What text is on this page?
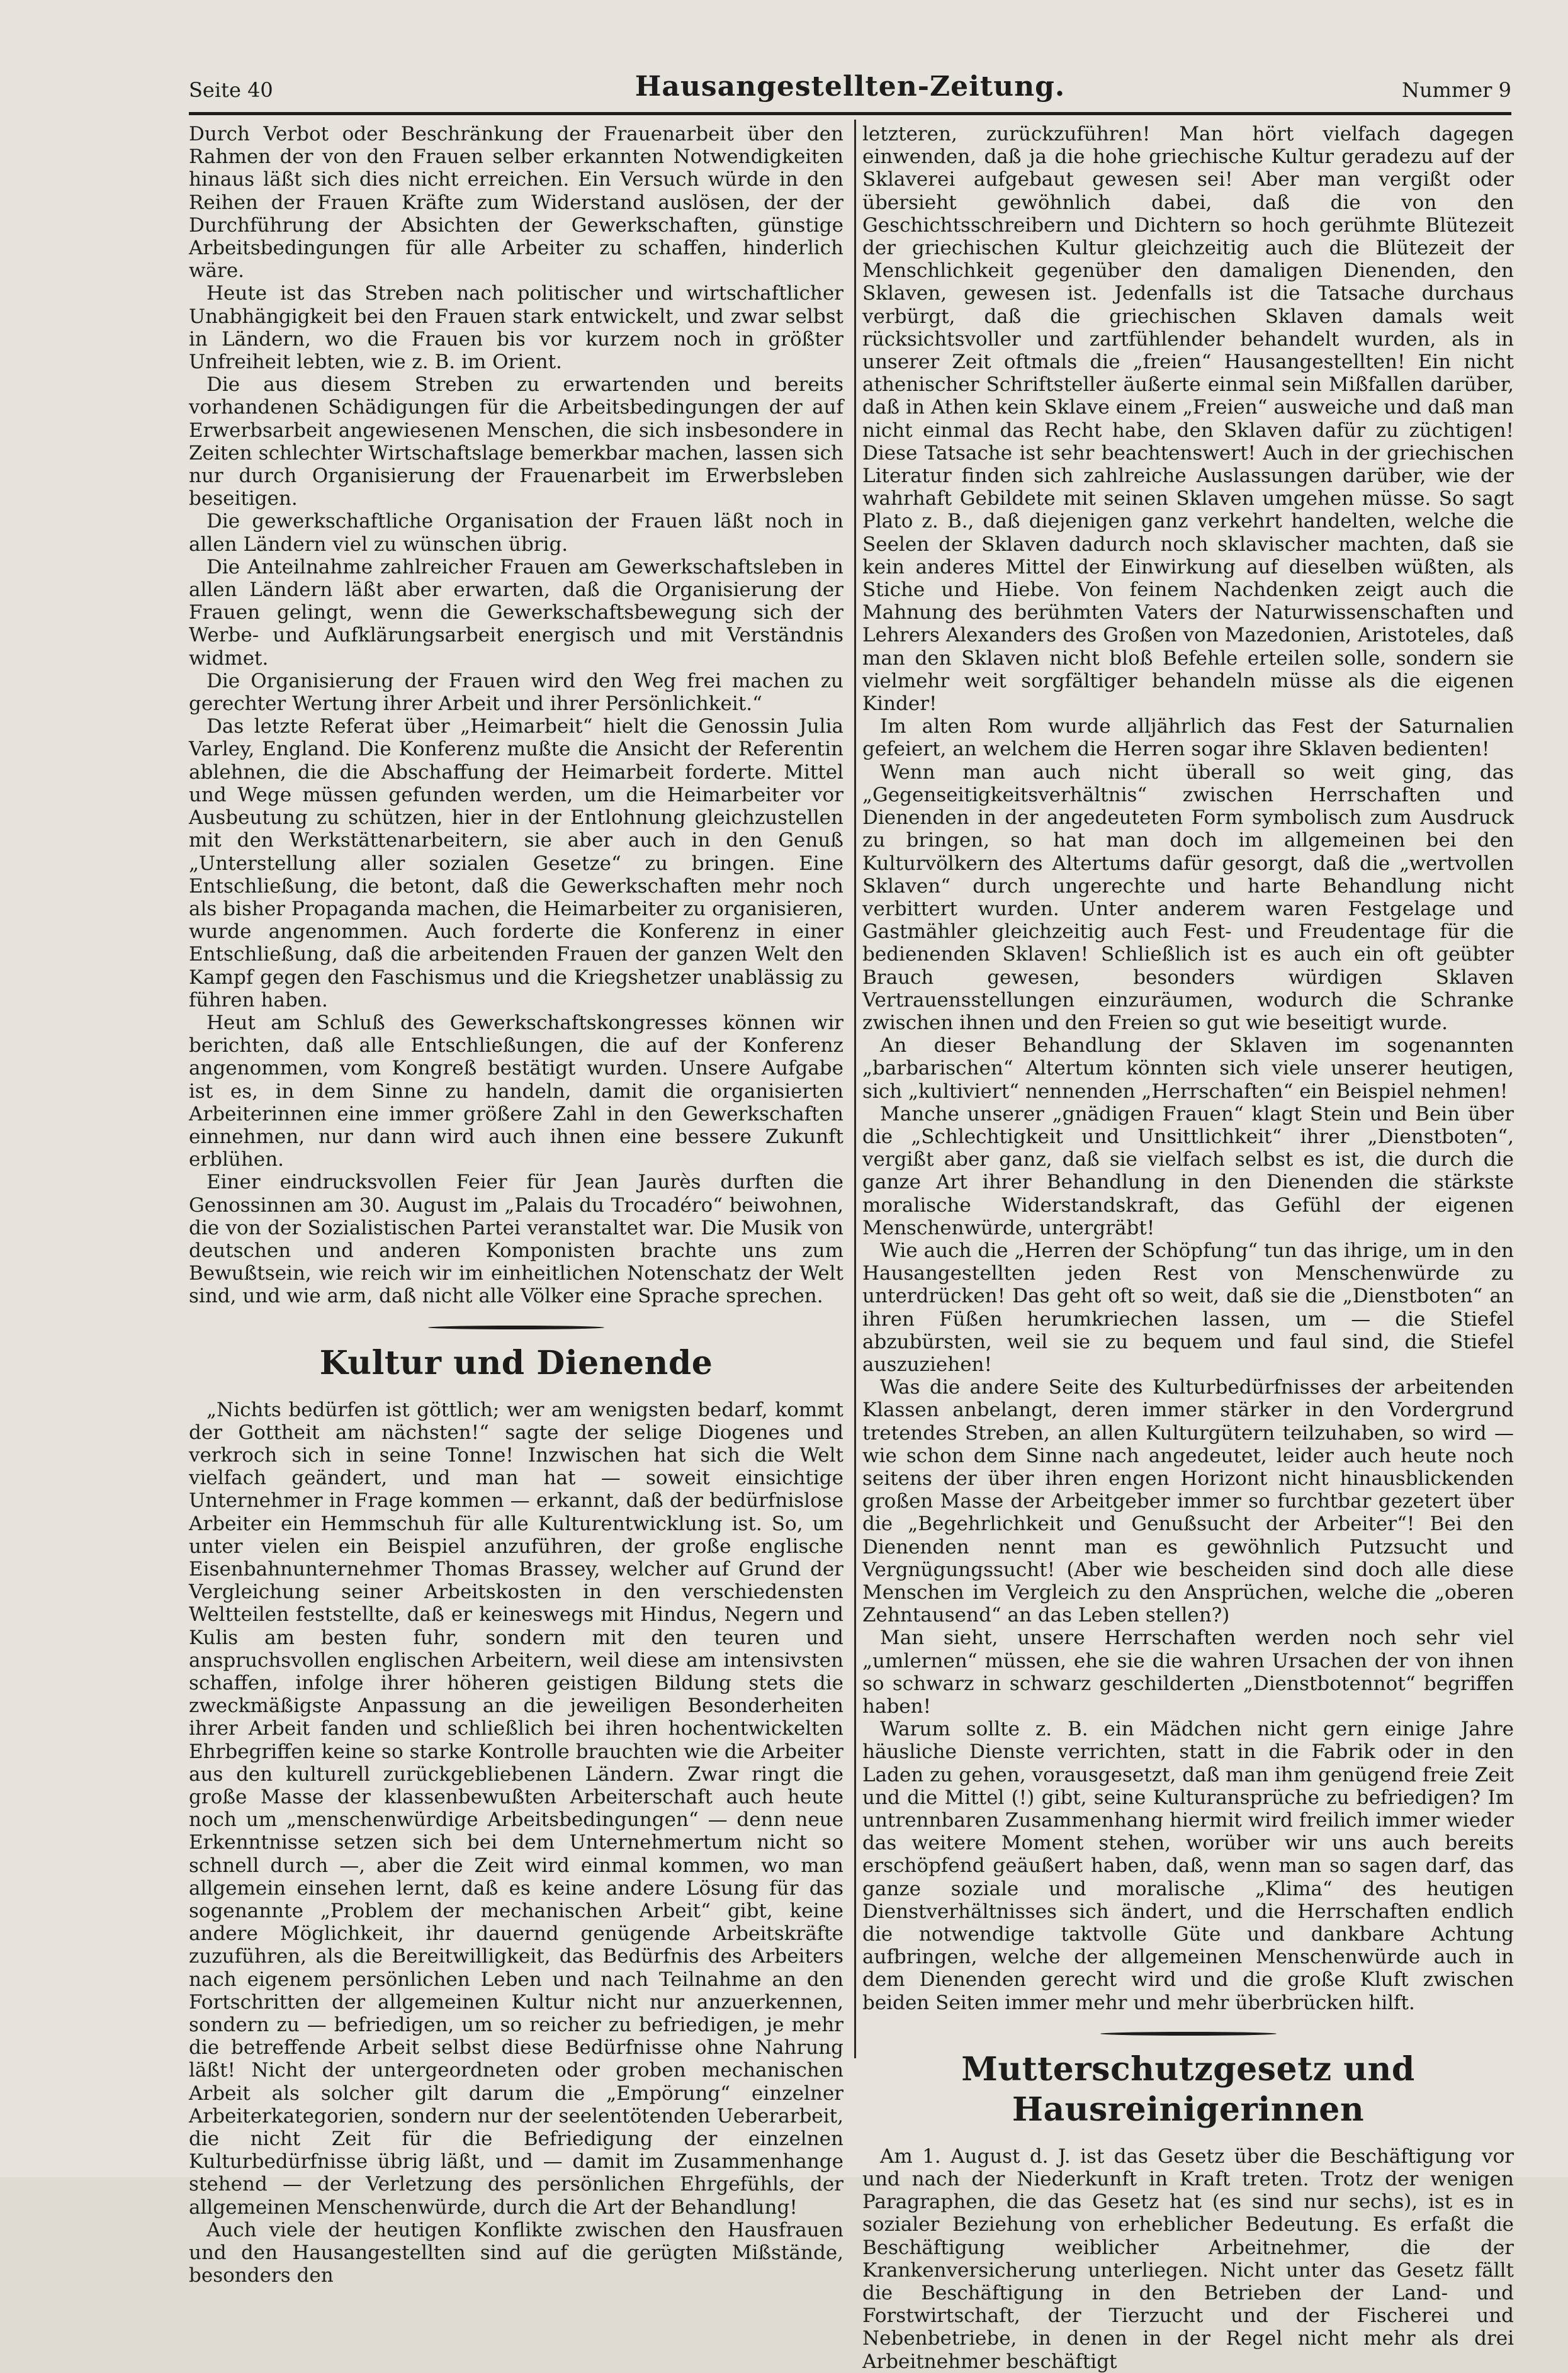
Seite 40	Hausangestellten-Zeitung.	Nummer 9

Durch Verbot oder Beschränkung der Frauenarbeit über den Rahmen der von den Frauen selber erkannten Notwendigkeiten hinaus läßt sich dies nicht erreichen. Ein Versuch würde in den Reihen der Frauen Kräfte zum Widerstand auslösen, der der Durchführung der Absichten der Gewerkschaften, günstige Arbeitsbedingungen für alle Arbeiter zu schaffen, hinderlich wäre.

Heute ist das Streben nach politischer und wirtschaftlicher Unabhängigkeit bei den Frauen stark entwickelt, und zwar selbst in Ländern, wo die Frauen bis vor kurzem noch in größter Unfreiheit lebten, wie z. B. im Orient.

Die aus diesem Streben zu erwartenden und bereits vorhandenen Schädigungen für die Arbeitsbedingungen der auf Erwerbsarbeit angewiesenen Menschen, die sich insbesondere in Zeiten schlechter Wirtschaftslage bemerkbar machen, lassen sich nur durch Organisierung der Frauenarbeit im Erwerbsleben beseitigen.

Die gewerkschaftliche Organisation der Frauen läßt noch in allen Ländern viel zu wünschen übrig.

Die Anteilnahme zahlreicher Frauen am Gewerkschaftsleben in allen Ländern läßt aber erwarten, daß die Organisierung der Frauen gelingt, wenn die Gewerkschaftsbewegung sich der Werbe- und Aufklärungsarbeit energisch und mit Verständnis widmet.

Die Organisierung der Frauen wird den Weg frei machen zu gerechter Wertung ihrer Arbeit und ihrer Persönlichkeit.“

Das letzte Referat über „Heimarbeit“ hielt die Genossin Julia Varley, England. Die Konferenz mußte die Ansicht der Referentin ablehnen, die die Abschaffung der Heimarbeit forderte. Mittel und Wege müssen gefunden werden, um die Heimarbeiter vor Ausbeutung zu schützen, hier in der Entlohnung gleichzustellen mit den Werkstättenarbeitern, sie aber auch in den Genuß „Unterstellung aller sozialen Gesetze“ zu bringen. Eine Entschließung, die betont, daß die Gewerkschaften mehr noch als bisher Propaganda machen, die Heimarbeiter zu organisieren, wurde angenommen. Auch forderte die Konferenz in einer Entschließung, daß die arbeitenden Frauen der ganzen Welt den Kampf gegen den Faschismus und die Kriegshetzer unablässig zu führen haben.

Heut am Schluß des Gewerkschaftskongresses können wir berichten, daß alle Entschließungen, die auf der Konferenz angenommen, vom Kongreß bestätigt wurden. Unsere Aufgabe ist es, in dem Sinne zu handeln, damit die organisierten Arbeiterinnen eine immer größere Zahl in den Gewerkschaften einnehmen, nur dann wird auch ihnen eine bessere Zukunft erblühen.

Einer eindrucksvollen Feier für Jean Jaurès durften die Genossinnen am 30. August im „Palais du Trocadéro“ beiwohnen, die von der Sozialistischen Partei veranstaltet war. Die Musik von deutschen und anderen Komponisten brachte uns zum Bewußtsein, wie reich wir im einheitlichen Notenschatz der Welt sind, und wie arm, daß nicht alle Völker eine Sprache sprechen.

Kultur und Dienende

„Nichts bedürfen ist göttlich; wer am wenigsten bedarf, kommt der Gottheit am nächsten!“ sagte der selige Diogenes und verkroch sich in seine Tonne! Inzwischen hat sich die Welt vielfach geändert, und man hat — soweit einsichtige Unternehmer in Frage kommen — erkannt, daß der bedürfnislose Arbeiter ein Hemmschuh für alle Kulturentwicklung ist. So, um unter vielen ein Beispiel anzuführen, der große englische Eisenbahnunternehmer Thomas Brassey, welcher auf Grund der Vergleichung seiner Arbeitskosten in den verschiedensten Weltteilen feststellte, daß er keineswegs mit Hindus, Negern und Kulis am besten fuhr, sondern mit den teuren und anspruchsvollen englischen Arbeitern, weil diese am intensivsten schaffen, infolge ihrer höheren geistigen Bildung stets die zweckmäßigste Anpassung an die jeweiligen Besonderheiten ihrer Arbeit fanden und schließlich bei ihren hochentwickelten Ehrbegriffen keine so starke Kontrolle brauchten wie die Arbeiter aus den kulturell zurückgebliebenen Ländern. Zwar ringt die große Masse der klassenbewußten Arbeiterschaft auch heute noch um „menschenwürdige Arbeitsbedingungen“ — denn neue Erkenntnisse setzen sich bei dem Unternehmertum nicht so schnell durch —, aber die Zeit wird einmal kommen, wo man allgemein einsehen lernt, daß es keine andere Lösung für das sogenannte „Problem der mechanischen Arbeit“ gibt, keine andere Möglichkeit, ihr dauernd genügende Arbeitskräfte zuzuführen, als die Bereitwilligkeit, das Bedürfnis des Arbeiters nach eigenem persönlichen Leben und nach Teilnahme an den Fortschritten der allgemeinen Kultur nicht nur anzuerkennen, sondern zu — befriedigen, um so reicher zu befriedigen, je mehr die betreffende Arbeit selbst diese Bedürfnisse ohne Nahrung läßt! Nicht der untergeordneten oder groben mechanischen Arbeit als solcher gilt darum die „Empörung“ einzelner Arbeiterkategorien, sondern nur der seelentötenden Ueberarbeit, die nicht Zeit für die Befriedigung der einzelnen Kulturbedürfnisse übrig läßt, und — damit im Zusammenhange stehend — der Verletzung des persönlichen Ehrgefühls, der allgemeinen Menschenwürde, durch die Art der Behandlung!

Auch viele der heutigen Konflikte zwischen den Hausfrauen und den Hausangestellten sind auf die gerügten Mißstände, besonders den

letzteren, zurückzuführen! Man hört vielfach dagegen einwenden, daß ja die hohe griechische Kultur geradezu auf der Sklaverei aufgebaut gewesen sei! Aber man vergißt oder übersieht gewöhnlich dabei, daß die von den Geschichtsschreibern und Dichtern so hoch gerühmte Blütezeit der griechischen Kultur gleichzeitig auch die Blütezeit der Menschlichkeit gegenüber den damaligen Dienenden, den Sklaven, gewesen ist. Jedenfalls ist die Tatsache durchaus verbürgt, daß die griechischen Sklaven damals weit rücksichtsvoller und zartfühlender behandelt wurden, als in unserer Zeit oftmals die „freien“ Hausangestellten! Ein nicht athenischer Schriftsteller äußerte einmal sein Mißfallen darüber, daß in Athen kein Sklave einem „Freien“ ausweiche und daß man nicht einmal das Recht habe, den Sklaven dafür zu züchtigen! Diese Tatsache ist sehr beachtenswert! Auch in der griechischen Literatur finden sich zahlreiche Auslassungen darüber, wie der wahrhaft Gebildete mit seinen Sklaven umgehen müsse. So sagt Plato z. B., daß diejenigen ganz verkehrt handelten, welche die Seelen der Sklaven dadurch noch sklavischer machten, daß sie kein anderes Mittel der Einwirkung auf dieselben wüßten, als Stiche und Hiebe. Von feinem Nachdenken zeigt auch die Mahnung des berühmten Vaters der Naturwissenschaften und Lehrers Alexanders des Großen von Mazedonien, Aristoteles, daß man den Sklaven nicht bloß Befehle erteilen solle, sondern sie vielmehr weit sorgfältiger behandeln müsse als die eigenen Kinder!

Im alten Rom wurde alljährlich das Fest der Saturnalien gefeiert, an welchem die Herren sogar ihre Sklaven bedienten!

Wenn man auch nicht überall so weit ging, das „Gegenseitigkeitsverhältnis“ zwischen Herrschaften und Dienenden in der angedeuteten Form symbolisch zum Ausdruck zu bringen, so hat man doch im allgemeinen bei den Kulturvölkern des Altertums dafür gesorgt, daß die „wertvollen Sklaven“ durch ungerechte und harte Behandlung nicht verbittert wurden. Unter anderem waren Festgelage und Gastmähler gleichzeitig auch Fest- und Freudentage für die bedienenden Sklaven! Schließlich ist es auch ein oft geübter Brauch gewesen, besonders würdigen Sklaven Vertrauensstellungen einzuräumen, wodurch die Schranke zwischen ihnen und den Freien so gut wie beseitigt wurde.

An dieser Behandlung der Sklaven im sogenannten „barbarischen“ Altertum könnten sich viele unserer heutigen, sich „kultiviert“ nennenden „Herrschaften“ ein Beispiel nehmen!

Manche unserer „gnädigen Frauen“ klagt Stein und Bein über die „Schlechtigkeit und Unsittlichkeit“ ihrer „Dienstboten“, vergißt aber ganz, daß sie vielfach selbst es ist, die durch die ganze Art ihrer Behandlung in den Dienenden die stärkste moralische Widerstandskraft, das Gefühl der eigenen Menschenwürde, untergräbt!

Wie auch die „Herren der Schöpfung“ tun das ihrige, um in den Hausangestellten jeden Rest von Menschenwürde zu unterdrücken! Das geht oft so weit, daß sie die „Dienstboten“ an ihren Füßen herumkriechen lassen, um — die Stiefel abzubürsten, weil sie zu bequem und faul sind, die Stiefel auszuziehen!

Was die andere Seite des Kulturbedürfnisses der arbeitenden Klassen anbelangt, deren immer stärker in den Vordergrund tretendes Streben, an allen Kulturgütern teilzuhaben, so wird — wie schon dem Sinne nach angedeutet, leider auch heute noch seitens der über ihren engen Horizont nicht hinausblickenden großen Masse der Arbeitgeber immer so furchtbar gezetert über die „Begehrlichkeit und Genußsucht der Arbeiter“! Bei den Dienenden nennt man es gewöhnlich Putzsucht und Vergnügungssucht! (Aber wie bescheiden sind doch alle diese Menschen im Vergleich zu den Ansprüchen, welche die „oberen Zehntausend“ an das Leben stellen?)

Man sieht, unsere Herrschaften werden noch sehr viel „umlernen“ müssen, ehe sie die wahren Ursachen der von ihnen so schwarz in schwarz geschilderten „Dienstbotennot“ begriffen haben!

Warum sollte z. B. ein Mädchen nicht gern einige Jahre häusliche Dienste verrichten, statt in die Fabrik oder in den Laden zu gehen, vorausgesetzt, daß man ihm genügend freie Zeit und die Mittel (!) gibt, seine Kulturansprüche zu befriedigen? Im untrennbaren Zusammenhang hiermit wird freilich immer wieder das weitere Moment stehen, worüber wir uns auch bereits erschöpfend geäußert haben, daß, wenn man so sagen darf, das ganze soziale und moralische „Klima“ des heutigen Dienstverhältnisses sich ändert, und die Herrschaften endlich die notwendige taktvolle Güte und dankbare Achtung aufbringen, welche der allgemeinen Menschenwürde auch in dem Dienenden gerecht wird und die große Kluft zwischen beiden Seiten immer mehr und mehr überbrücken hilft.

Mutterschutzgesetz und Hausreinigerinnen

Am 1. August d. J. ist das Gesetz über die Beschäftigung vor und nach der Niederkunft in Kraft treten. Trotz der wenigen Paragraphen, die das Gesetz hat (es sind nur sechs), ist es in sozialer Beziehung von erheblicher Bedeutung. Es erfaßt die Beschäftigung weiblicher Arbeitnehmer, die der Krankenversicherung unterliegen. Nicht unter das Gesetz fällt die Beschäftigung in den Betrieben der Land- und Forstwirtschaft, der Tierzucht und der Fischerei und Nebenbetriebe, in denen in der Regel nicht mehr als drei Arbeitnehmer beschäftigt
